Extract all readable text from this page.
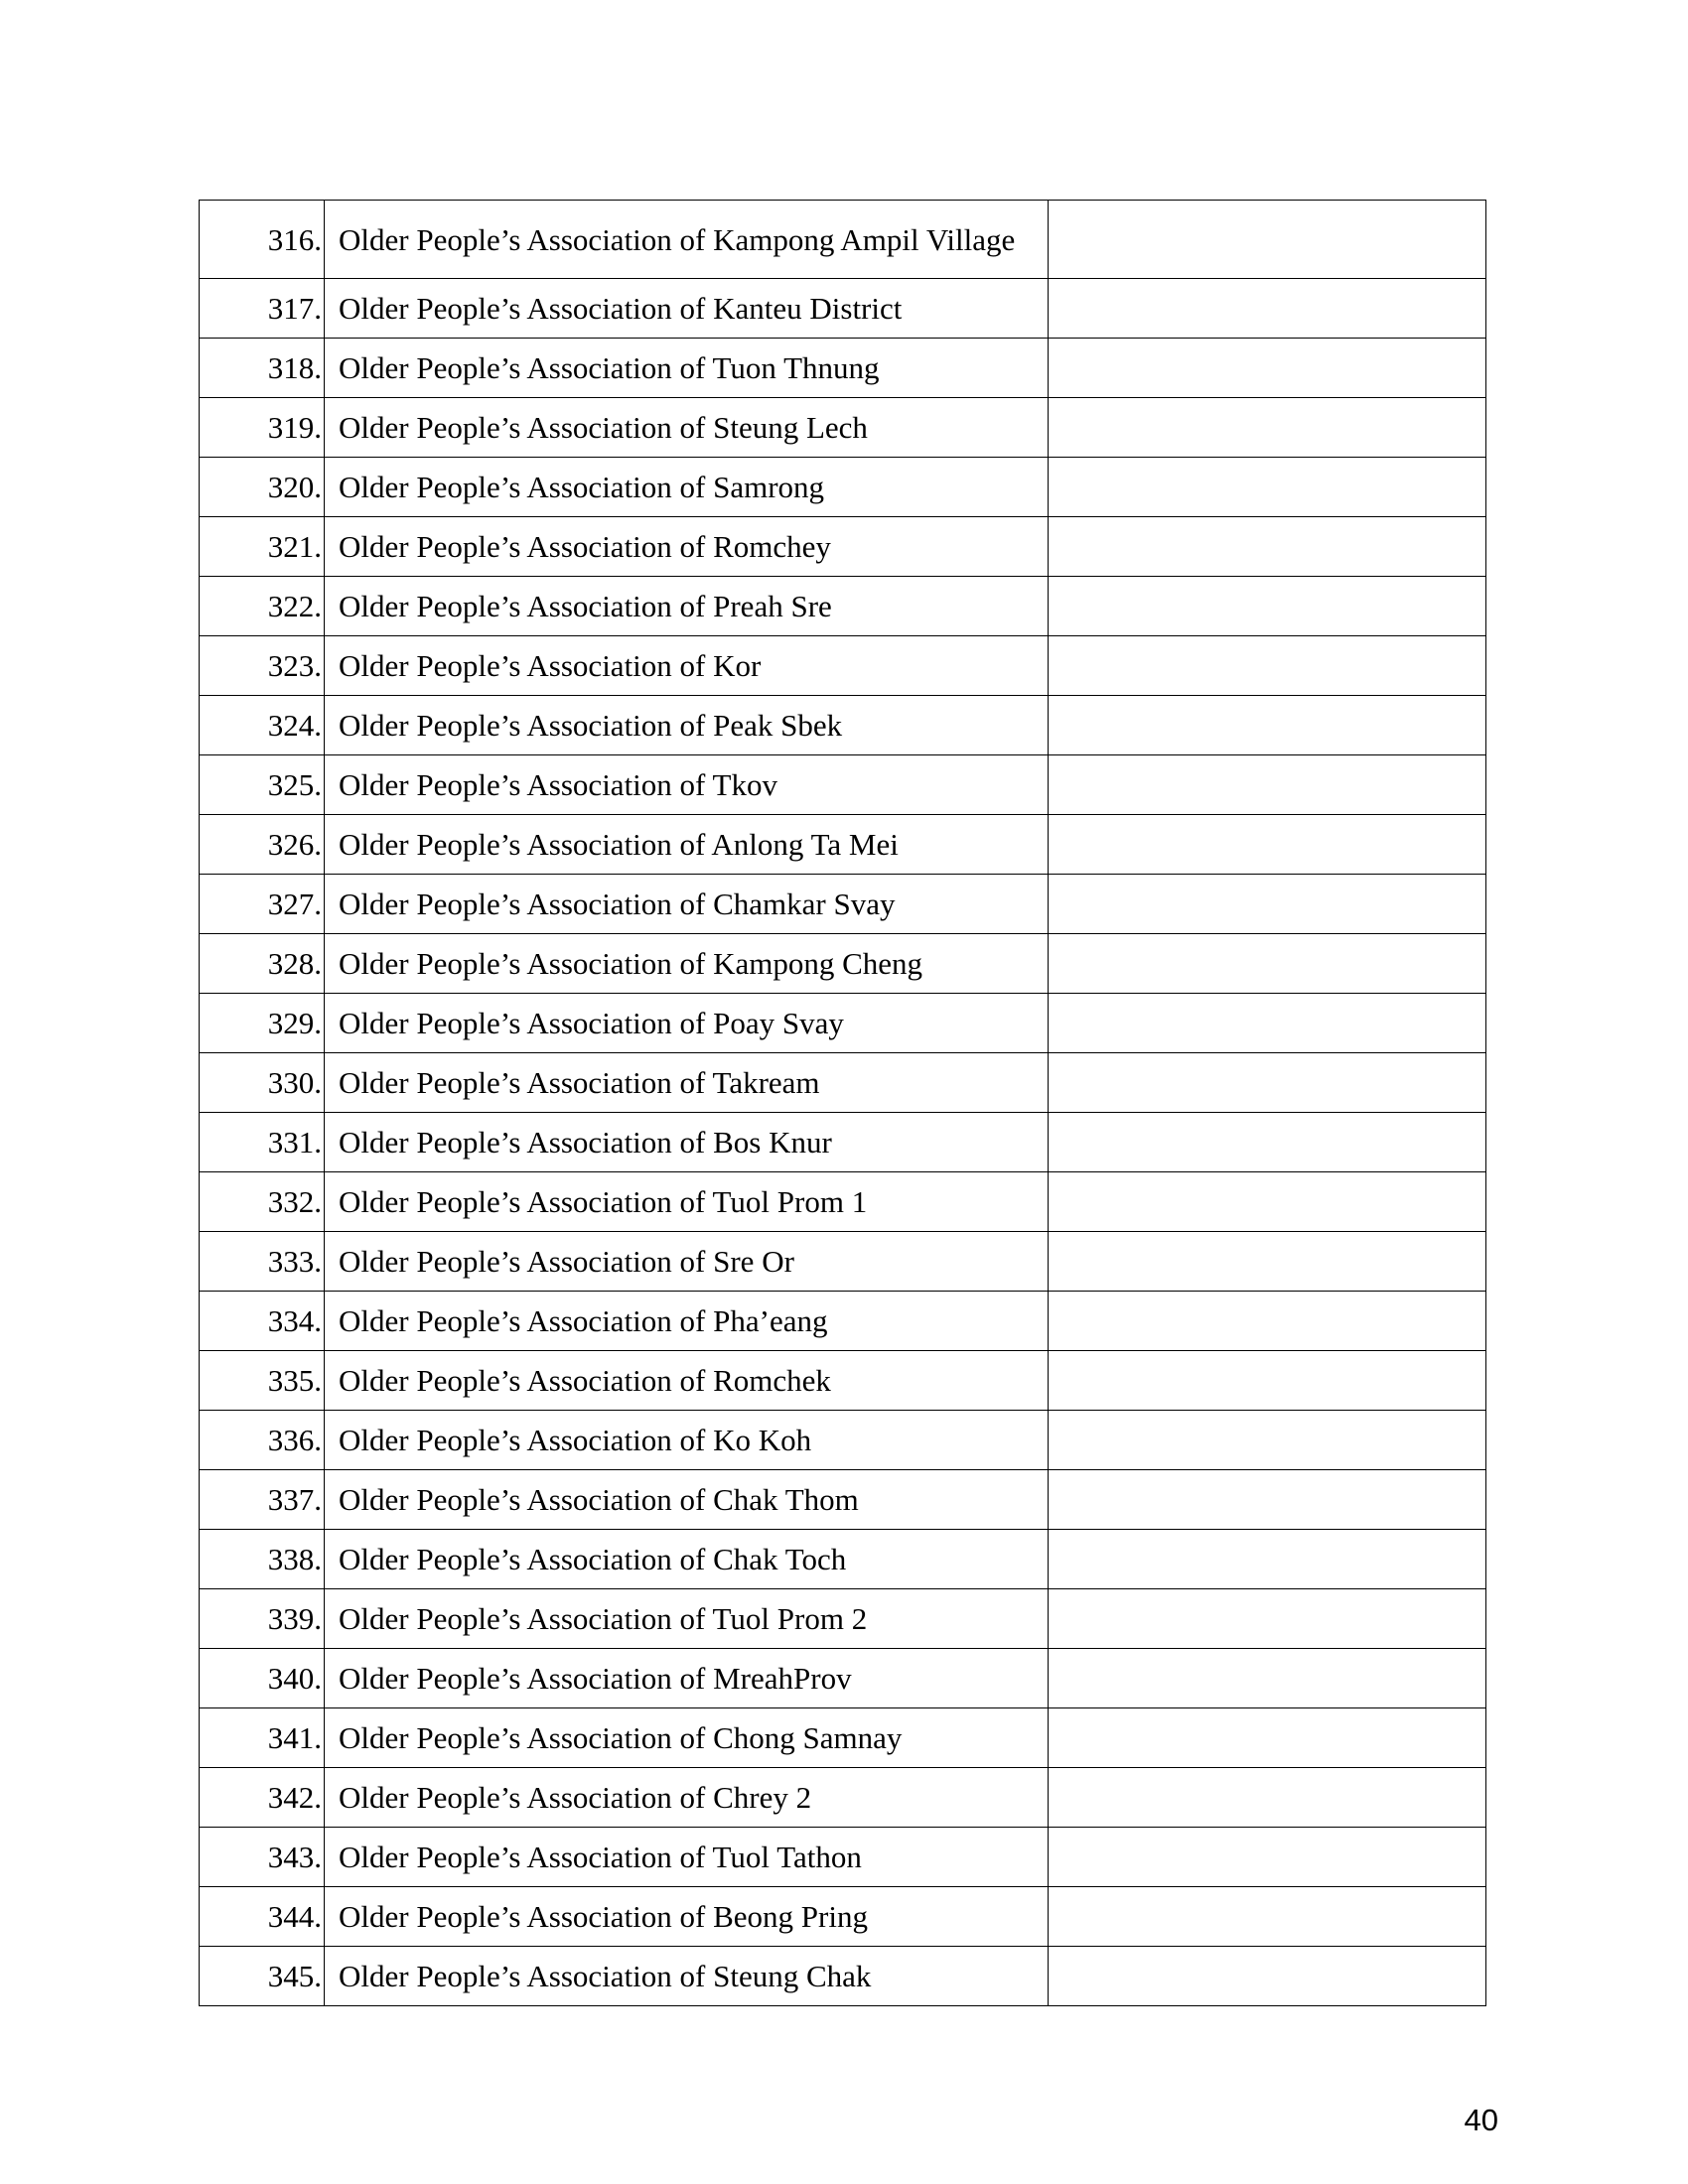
316.	Older People’s Association of Kampong Ampil Village	
317.	Older People’s Association of Kanteu District	
318.	Older People’s Association of Tuon Thnung	
319.	Older People’s Association of Steung Lech	
320.	Older People’s Association of Samrong	
321.	Older People’s Association of Romchey	
322.	Older People’s Association of Preah Sre	
323.	Older People’s Association of Kor	
324.	Older People’s Association of Peak Sbek	
325.	Older People’s Association of Tkov	
326.	Older People’s Association of Anlong Ta Mei	
327.	Older People’s Association of Chamkar Svay	
328.	Older People’s Association of Kampong Cheng	
329.	Older People’s Association of Poay Svay	
330.	Older People’s Association of Takream	
331.	Older People’s Association of Bos Knur	
332.	Older People’s Association of Tuol Prom 1	
333.	Older People’s Association of Sre Or	
334.	Older People’s Association of Pha’eang	
335.	Older People’s Association of Romchek	
336.	Older People’s Association of Ko Koh	
337.	Older People’s Association of Chak Thom	
338.	Older People’s Association of Chak Toch	
339.	Older People’s Association of Tuol Prom 2	
340.	Older People’s Association of MreahProv	
341.	Older People’s Association of Chong Samnay	
342.	Older People’s Association of Chrey 2	
343.	Older People’s Association of Tuol Tathon	
344.	Older People’s Association of Beong Pring	
345.	Older People’s Association of Steung Chak	
40
